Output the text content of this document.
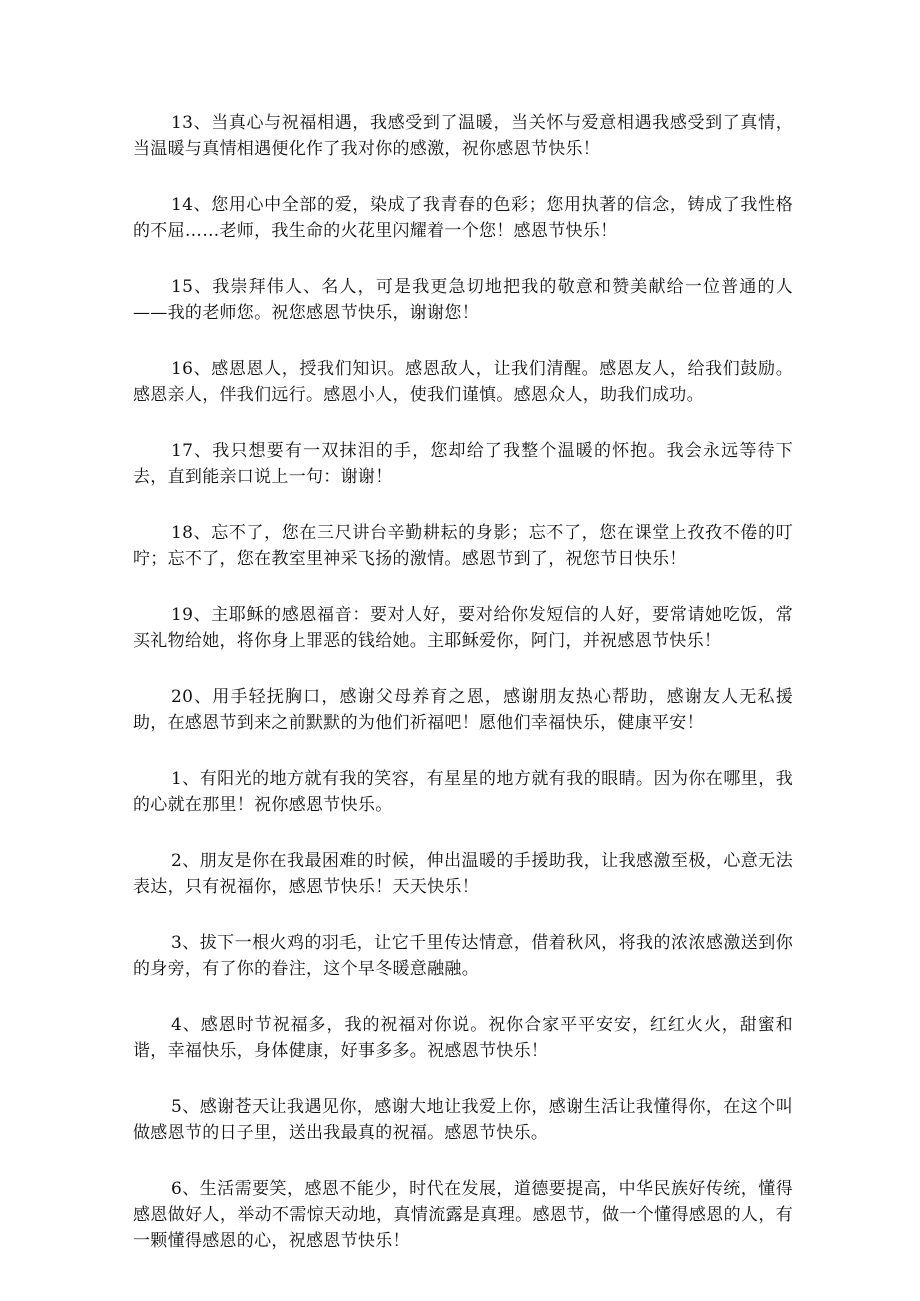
13、当真心与祝福相遇，我感受到了温暖，当关怀与爱意相遇我感受到了真情，当温暖与真情相遇便化作了我对你的感激，祝你感恩节快乐！

14、您用心中全部的爱，染成了我青春的色彩；您用执著的信念，铸成了我性格的不屈……老师，我生命的火花里闪耀着一个您！感恩节快乐！

15、我崇拜伟人、名人，可是我更急切地把我的敬意和赞美献给一位普通的人——我的老师您。祝您感恩节快乐，谢谢您！

16、感恩恩人，授我们知识。感恩敌人，让我们清醒。感恩友人，给我们鼓励。感恩亲人，伴我们远行。感恩小人，使我们谨慎。感恩众人，助我们成功。

17、我只想要有一双抹泪的手，您却给了我整个温暖的怀抱。我会永远等待下去，直到能亲口说上一句：谢谢！

18、忘不了，您在三尺讲台辛勤耕耘的身影；忘不了，您在课堂上孜孜不倦的叮咛；忘不了，您在教室里神采飞扬的激情。感恩节到了，祝您节日快乐！

19、主耶稣的感恩福音：要对人好，要对给你发短信的人好，要常请她吃饭，常买礼物给她，将你身上罪恶的钱给她。主耶稣爱你，阿门，并祝感恩节快乐！

20、用手轻抚胸口，感谢父母养育之恩，感谢朋友热心帮助，感谢友人无私援助，在感恩节到来之前默默的为他们祈福吧！愿他们幸福快乐，健康平安！

1、有阳光的地方就有我的笑容，有星星的地方就有我的眼睛。因为你在哪里，我的心就在那里！祝你感恩节快乐。

2、朋友是你在我最困难的时候，伸出温暖的手援助我，让我感激至极，心意无法表达，只有祝福你，感恩节快乐！天天快乐！

3、拔下一根火鸡的羽毛，让它千里传达情意，借着秋风，将我的浓浓感激送到你的身旁，有了你的眷注，这个早冬暖意融融。

4、感恩时节祝福多，我的祝福对你说。祝你合家平平安安，红红火火，甜蜜和谐，幸福快乐，身体健康，好事多多。祝感恩节快乐！

5、感谢苍天让我遇见你，感谢大地让我爱上你，感谢生活让我懂得你，在这个叫做感恩节的日子里，送出我最真的祝福。感恩节快乐。

6、生活需要笑，感恩不能少，时代在发展，道德要提高，中华民族好传统，懂得感恩做好人，举动不需惊天动地，真情流露是真理。感恩节，做一个懂得感恩的人，有一颗懂得感恩的心，祝感恩节快乐！
